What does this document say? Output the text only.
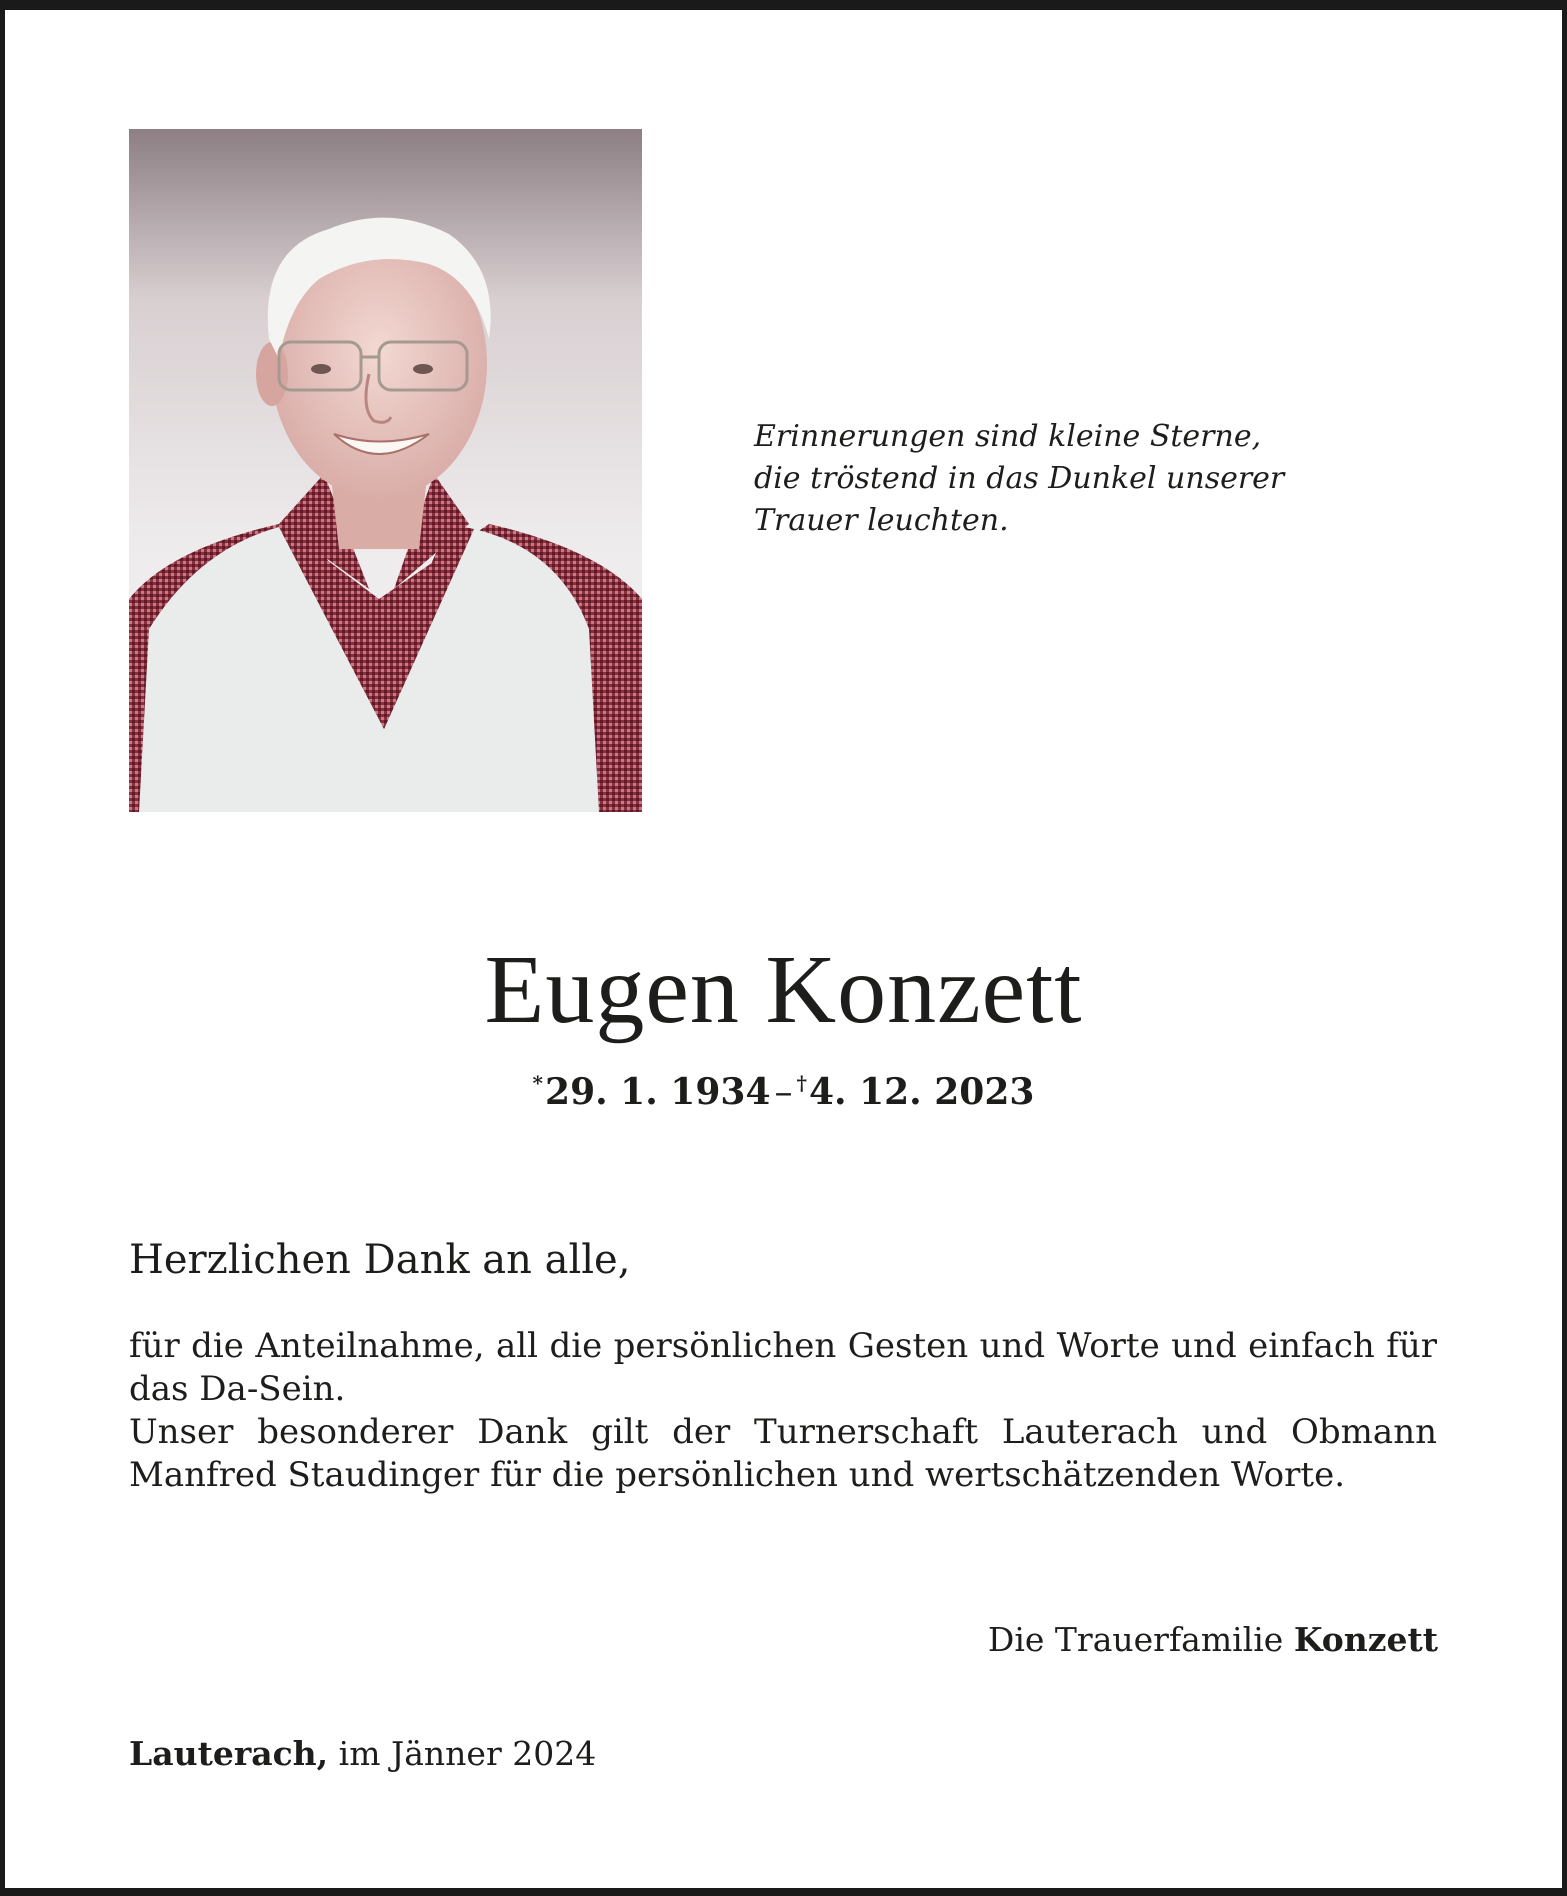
Erinnerungen sind kleine Sterne,
die tröstend in das Dunkel unserer
Trauer leuchten.
Eugen Konzett
*29. 1. 1934 – †4. 12. 2023
Herzlichen Dank an alle,

für die Anteilnahme, all die persönlichen Gesten und Worte und einfach für das Da-Sein.

Unser besonderer Dank gilt der Turnerschaft Lauterach und Obmann Manfred Staudinger für die persönlichen und wertschätzenden Worte.

Die Trauerfamilie Konzett
Lauterach, im Jänner 2024
